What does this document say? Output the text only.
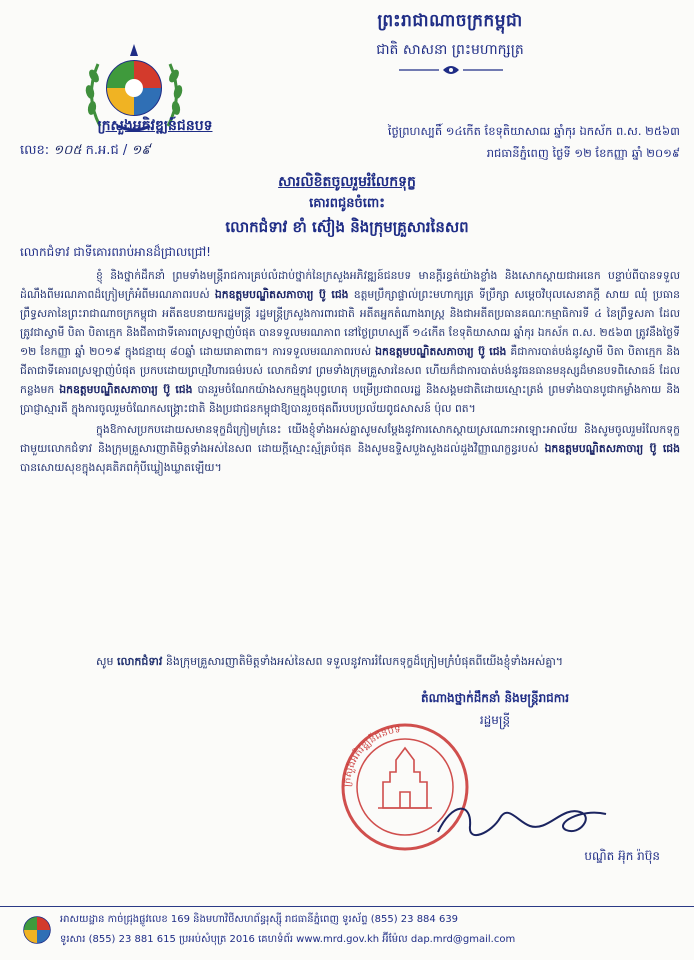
ព្រះរាជាណាចក្រកម្ពុជា
ជាតិ សាសនា ព្រះមហាក្សត្រ
ក្រសួងអភិវឌ្ឍន៍ជនបទ
លេខ: ១០៥ ក.អ.ជ / ១៩
ថ្ងៃព្រហស្បតិ៍ ១៤កើត ខែទុតិយាសាឍ ឆ្នាំកុរ ឯកស័ក ព.ស. ២៥៦៣
រាជធានីភ្នំពេញ ថ្ងៃទី ១២ ខែកញ្ញា ឆ្នាំ ២០១៩
សារលិខិតចូលរួមរំលែកទុក្ខ
គោរពជូនចំពោះ
លោកជំទាវ ខាំ ស៊ៀង និងក្រុមគ្រួសារនៃសព
លោកជំទាវ ជាទីគោរពរាប់អានដ៏ជ្រាលជ្រៅ!

ខ្ញុំ និងថ្នាក់ដឹកនាំ ព្រមទាំងមន្ត្រីរាជការគ្រប់លំដាប់ថ្នាក់នៃក្រសួងអភិវឌ្ឍន៍ជនបទ មានក្តីរន្ធត់យ៉ាងខ្លាំង និងសោកស្តាយជាអនេក បន្ទាប់ពីបានទទួលដំណឹងពីមរណភាពដ៏ក្រៀមក្រំអំពីមរណភាពរបស់ ឯកឧត្តមបណ្ឌិតសភាចារ្យ ប៊ូ ជេង ឧត្តមប្រឹក្សាផ្ទាល់ព្រះមហាក្សត្រ ទីប្រឹក្សា សម្តេចវិបុលសេនាភក្តី សាយ ឈុំ ប្រធានព្រឹទ្ធសភានៃព្រះរាជាណាចក្រកម្ពុជា អតីតឧបនាយករដ្ឋមន្ត្រី រដ្ឋមន្ត្រីក្រសួងការពារជាតិ អតីតអ្នកតំណាងរាស្ត្រ និងជាអតីតប្រធានគណៈកម្មាធិការទី ៤ នៃព្រឹទ្ធសភា ដែលត្រូវជាស្វាមី បិតា បិតាក្មេក និងជីតាជាទីគោរពស្រឡាញ់បំផុត បានទទួលមរណភាព នៅថ្ងៃព្រហស្បតិ៍ ១៤កើត ខែទុតិយាសាឍ ឆ្នាំកុរ ឯកស័ក ព.ស. ២៥៦៣ ត្រូវនឹងថ្ងៃទី ១២ ខែកញ្ញា ឆ្នាំ ២០១៩ ក្នុងជន្មាយុ ៨០ឆ្នាំ ដោយរោគាពាធ។ ការទទួលមរណភាពរបស់ ឯកឧត្តមបណ្ឌិតសភាចារ្យ ប៊ូ ជេង គឺជាការបាត់បង់នូវស្វាមី បិតា បិតាក្មេក និងជីតាជាទីគោរពស្រឡាញ់បំផុត ប្រកបដោយព្រហ្មវិហារធម៌របស់ លោកជំទាវ ព្រមទាំងក្រុមគ្រួសារនៃសព ហើយក៏ជាការបាត់បង់នូវធនធានមនុស្សដ៏មានបទពិសោធន៍ ដែលកន្លងមក ឯកឧត្តមបណ្ឌិតសភាចារ្យ ប៊ូ ជេង បានរួមចំណែកយ៉ាងសកម្មក្នុងបុព្វហេតុ បម្រើប្រជាពលរដ្ឋ និងសង្គមជាតិដោយស្មោះត្រង់ ព្រមទាំងបានបូជាកម្លាំងកាយ និងប្រាជ្ញាស្មារតី ក្នុងការចូលរួមចំណែកសង្គ្រោះជាតិ និងប្រជាជនកម្ពុជាឱ្យបានរួចផុតពីរបបប្រល័យពូជសាសន៍ ប៉ុល ពត។

ក្នុងឱកាសប្រកបដោយសមានទុក្ខដ៏ក្រៀមក្រំនេះ យើងខ្ញុំទាំងអស់គ្នាសូមសម្តែងនូវការសោកស្តាយស្រណោះអាឡោះអាល័យ និងសូមចូលរួមរំលែកទុក្ខជាមួយលោកជំទាវ និងក្រុមគ្រួសារញាតិមិត្តទាំងអស់នៃសព ដោយក្តីស្មោះស្ម័គ្របំផុត និងសូមឧទ្ទិសបួងសួងដល់ដួងវិញ្ញាណក្ខន្ធរបស់ ឯកឧត្តមបណ្ឌិតសភាចារ្យ ប៊ូ ជេង បានសោយសុខក្នុងសុគតិភពកុំបីឃ្លៀងឃ្លាតឡើយ។

សូម លោកជំទាវ និងក្រុមគ្រួសារញាតិមិត្តទាំងអស់នៃសព ទទួលនូវការរំលែកទុក្ខដ៏ក្រៀមក្រំបំផុតពីយើងខ្ញុំទាំងអស់គ្នា។
តំណាងថ្នាក់ដឹកនាំ និងមន្ត្រីរាជការ
រដ្ឋមន្ត្រី
ក្រសួងអភិវឌ្ឍន៍ជនបទ
បណ្ឌិត អ៊ុក រ៉ាប៊ុន
អាសយដ្ឋាន កាច់ជ្រុងផ្លូវលេខ 169 និងមហាវិថីសហព័ន្ធរុស្ស៊ី រាជធានីភ្នំពេញ ទូរស័ព្ទ (855) 23 884 639
ទូរសារ (855) 23 881 615 ប្រអប់សំបុត្រ 2016 គេហទំព័រ www.mrd.gov.kh អ៊ីម៉ែល dap.mrd@gmail.com
